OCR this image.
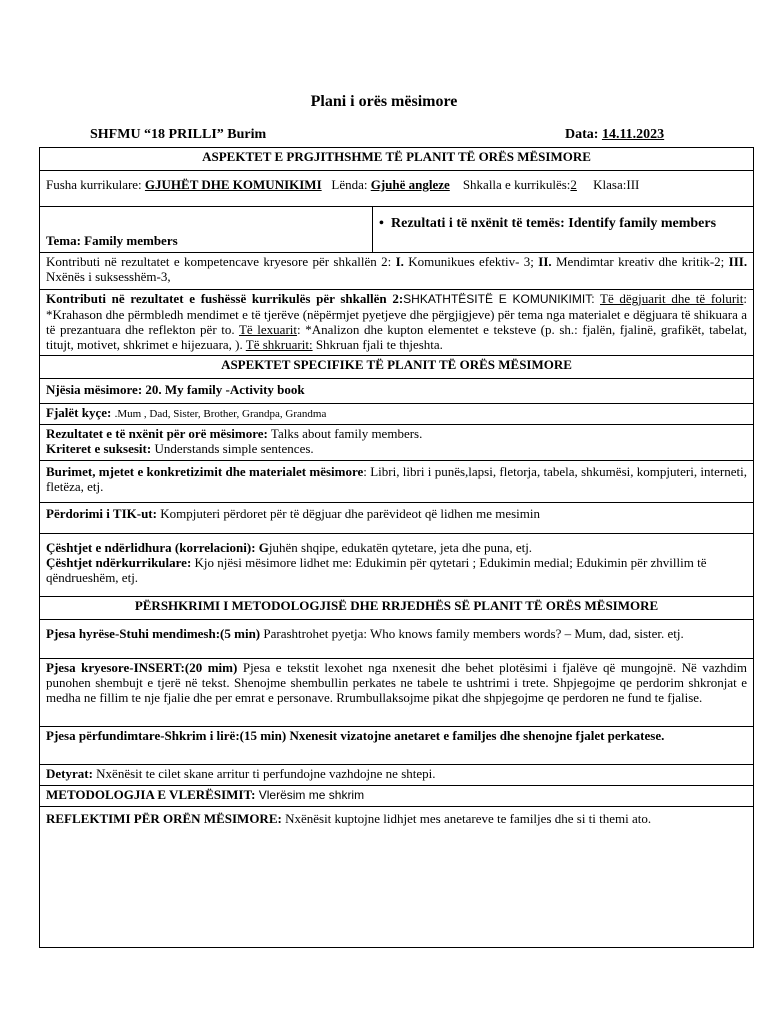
Plani i orës mësimore
SHFMU “18 PRILLI” Burim	Data: 14.11.2023
ASPEKTET E PRGJITHSHME TË PLANIT TË ORËS MËSIMORE
Fusha kurrikulare: GJUHËT DHE KOMUNIKIMI Lënda: Gjuhë angleze Shkalla e kurrikulës:2 Klasa:III
Tema: Family members	• Rezultati i të nxënit të temës: Identify family members
Kontributi në rezultatet e kompetencave kryesore për shkallën 2: I. Komunikues efektiv- 3; II. Mendimtar kreativ dhe kritik-2; III. Nxënës i suksesshëm-3,
Kontributi në rezultatet e fushëssë kurrikulës për shkallën 2:SHKATHTËSITË E KOMUNIKIMIT: Të dëgjuarit dhe të folurit: *Krahason dhe përmbledh mendimet e të tjerëve (nëpërmjet pyetjeve dhe përgjigjeve) për tema nga materialet e dëgjuara të shikuara a të prezantuara dhe reflekton për to. Të lexuarit: *Analizon dhe kupton elementet e teksteve (p. sh.: fjalën, fjalinë, grafikët, tabelat, titujt, motivet, shkrimet e hijezuara, ). Të shkruarit: Shkruan fjali te thjeshta.
ASPEKTET SPECIFIKE TË PLANIT TË ORËS MËSIMORE
Njësia mësimore: 20. My family -Activity book
Fjalët kyçe: .Mum , Dad, Sister, Brother, Grandpa, Grandma
Rezultatet e të nxënit për orë mësimore: Talks about family members.
Kriteret e suksesit: Understands simple sentences.
Burimet, mjetet e konkretizimit dhe materialet mësimore: Libri, libri i punës,lapsi, fletorja, tabela, shkumësi, kompjuteri, interneti, fletëza, etj.
Përdorimi i TIK-ut: Kompjuteri përdoret për të dëgjuar dhe parëvideot që lidhen me mesimin
Çështjet e ndërlidhura (korrelacioni): Gjuhën shqipe, edukatën qytetare, jeta dhe puna, etj.
Çështjet ndërkurrikulare: Kjo njësi mësimore lidhet me: Edukimin për qytetari ; Edukimin medial; Edukimin për zhvillim të qëndrueshëm, etj.
PËRSHKRIMI I METODOLOGJISË DHE RRJEDHËS SË PLANIT TË ORËS MËSIMORE
Pjesa hyrëse-Stuhi mendimesh:(5 min) Parashtrohet pyetja: Who knows family members words? – Mum, dad, sister. etj.
Pjesa kryesore-INSERT:(20 mim) Pjesa e tekstit lexohet nga nxenesit dhe behet plotësimi i fjalëve që mungojnë. Në vazhdim punohen shembujt e tjerë në tekst. Shenojme shembullin perkates ne tabele te ushtrimi i trete. Shpjegojme qe perdorim shkronjat e medha ne fillim te nje fjalie dhe per emrat e personave. Rrumbullaksojme pikat dhe shpjegojme qe perdoren ne fund te fjalise.
Pjesa përfundimtare-Shkrim i lirë:(15 min) Nxenesit vizatojne anetaret e familjes dhe shenojne fjalet perkatese.
Detyrat: Nxënësit te cilet skane arritur ti perfundojne vazhdojne ne shtepi.
METODOLOGJIA E VLERËSIMIT: Vlerësim me shkrim
REFLEKTIMI PËR ORËN MËSIMORE: Nxënësit kuptojne lidhjet mes anetareve te familjes dhe si ti themi ato.
